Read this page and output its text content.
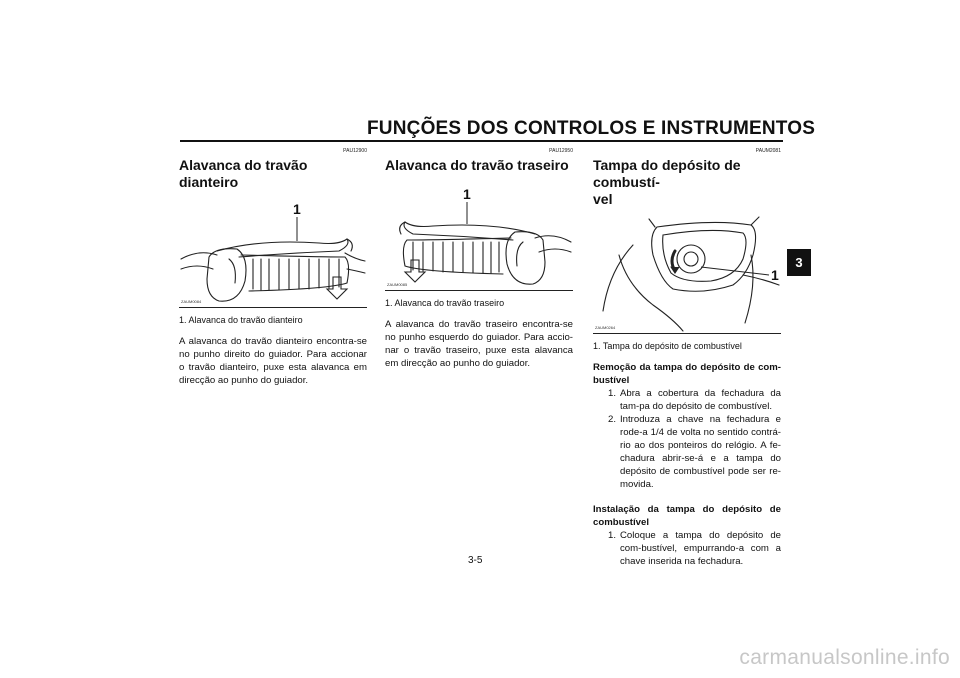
FUNÇÕES DOS CONTROLOS E INSTRUMENTOS
3
PAU12900
Alavanca do travão dianteiro
1
ZAUM0084
1. Alavanca do travão dianteiro
A alavanca do travão dianteiro encontra-se no punho direito do guiador. Para accionar o travão dianteiro, puxe esta alavanca em direcção ao punho do guiador.
PAU12950
Alavanca do travão traseiro
1
ZAUM0085
1. Alavanca do travão traseiro
A alavanca do travão traseiro encontra-se no punho esquerdo do guiador. Para accio-nar o travão traseiro, puxe esta alavanca em direcção ao punho do guiador.
PAUM2081
Tampa do depósito de combustí-
vel
1
ZAUM0264
1. Tampa do depósito de combustível
Remoção da tampa do depósito de com-bustível
1. Abra a cobertura da fechadura da tam-pa do depósito de combustível.
2. Introduza a chave na fechadura e rode-a 1/4 de volta no sentido contrá-rio ao dos ponteiros do relógio. A fe-chadura abrir-se-á e a tampa do depósito de combustível pode ser re-movida.
Instalação da tampa do depósito de combustível
1. Coloque a tampa do depósito de com-bustível, empurrando-a com a chave inserida na fechadura.
3-5
carmanualsonline.info
